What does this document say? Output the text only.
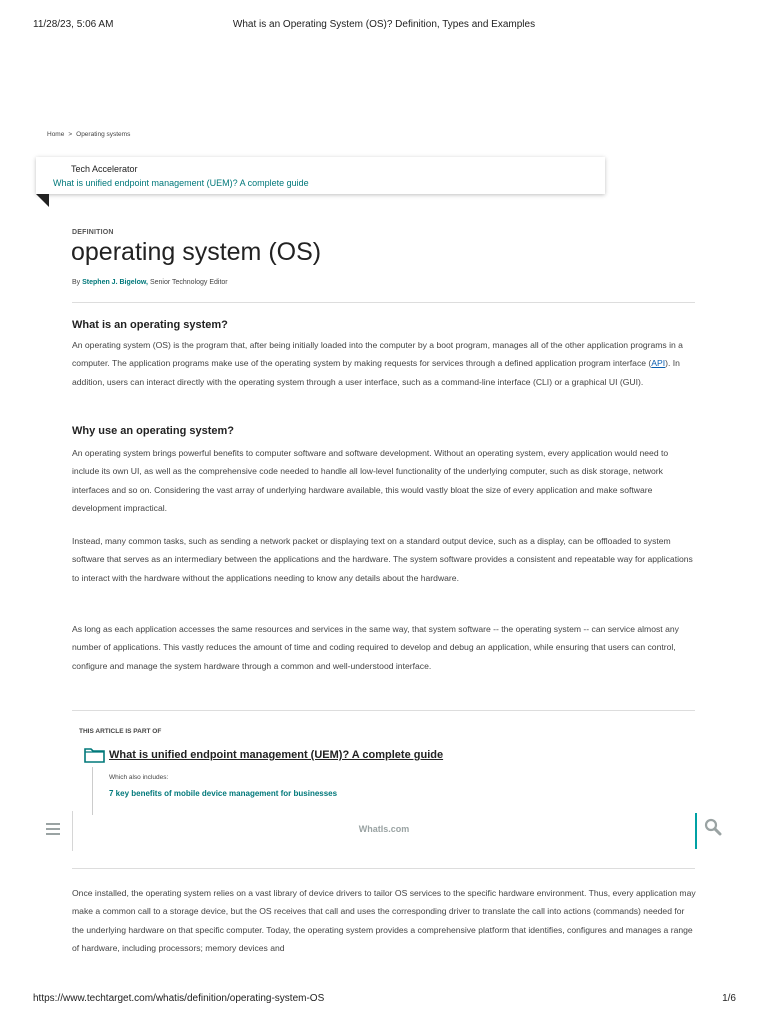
11/28/23, 5:06 AM	What is an Operating System (OS)? Definition, Types and Examples
Home > Operating systems
Tech Accelerator
What is unified endpoint management (UEM)? A complete guide
DEFINITION
operating system (OS)
By Stephen J. Bigelow, Senior Technology Editor
What is an operating system?

An operating system (OS) is the program that, after being initially loaded into the computer by a boot program, manages all of the other application programs in a computer. The application programs make use of the operating system by making requests for services through a defined application program interface (API). In addition, users can interact directly with the operating system through a user interface, such as a command-line interface (CLI) or a graphical UI (GUI).

Why use an operating system?

An operating system brings powerful benefits to computer software and software development. Without an operating system, every application would need to include its own UI, as well as the comprehensive code needed to handle all low-level functionality of the underlying computer, such as disk storage, network interfaces and so on. Considering the vast array of underlying hardware available, this would vastly bloat the size of every application and make software development impractical.

Instead, many common tasks, such as sending a network packet or displaying text on a standard output device, such as a display, can be offloaded to system software that serves as an intermediary between the applications and the hardware. The system software provides a consistent and repeatable way for applications to interact with the hardware without the applications needing to know any details about the hardware.

As long as each application accesses the same resources and services in the same way, that system software -- the operating system -- can service almost any number of applications. This vastly reduces the amount of time and coding required to develop and debug an application, while ensuring that users can control, configure and manage the system hardware through a common and well-understood interface.

THIS ARTICLE IS PART OF
What is unified endpoint management (UEM)? A complete guide
Which also includes:
7 key benefits of mobile device management for businesses
WhatIs.com

Once installed, the operating system relies on a vast library of device drivers to tailor OS services to the specific hardware environment. Thus, every application may make a common call to a storage device, but the OS receives that call and uses the corresponding driver to translate the call into actions (commands) needed for the underlying hardware on that specific computer. Today, the operating system provides a comprehensive platform that identifies, configures and manages a range of hardware, including processors; memory devices and

https://www.techtarget.com/whatis/definition/operating-system-OS	1/6
